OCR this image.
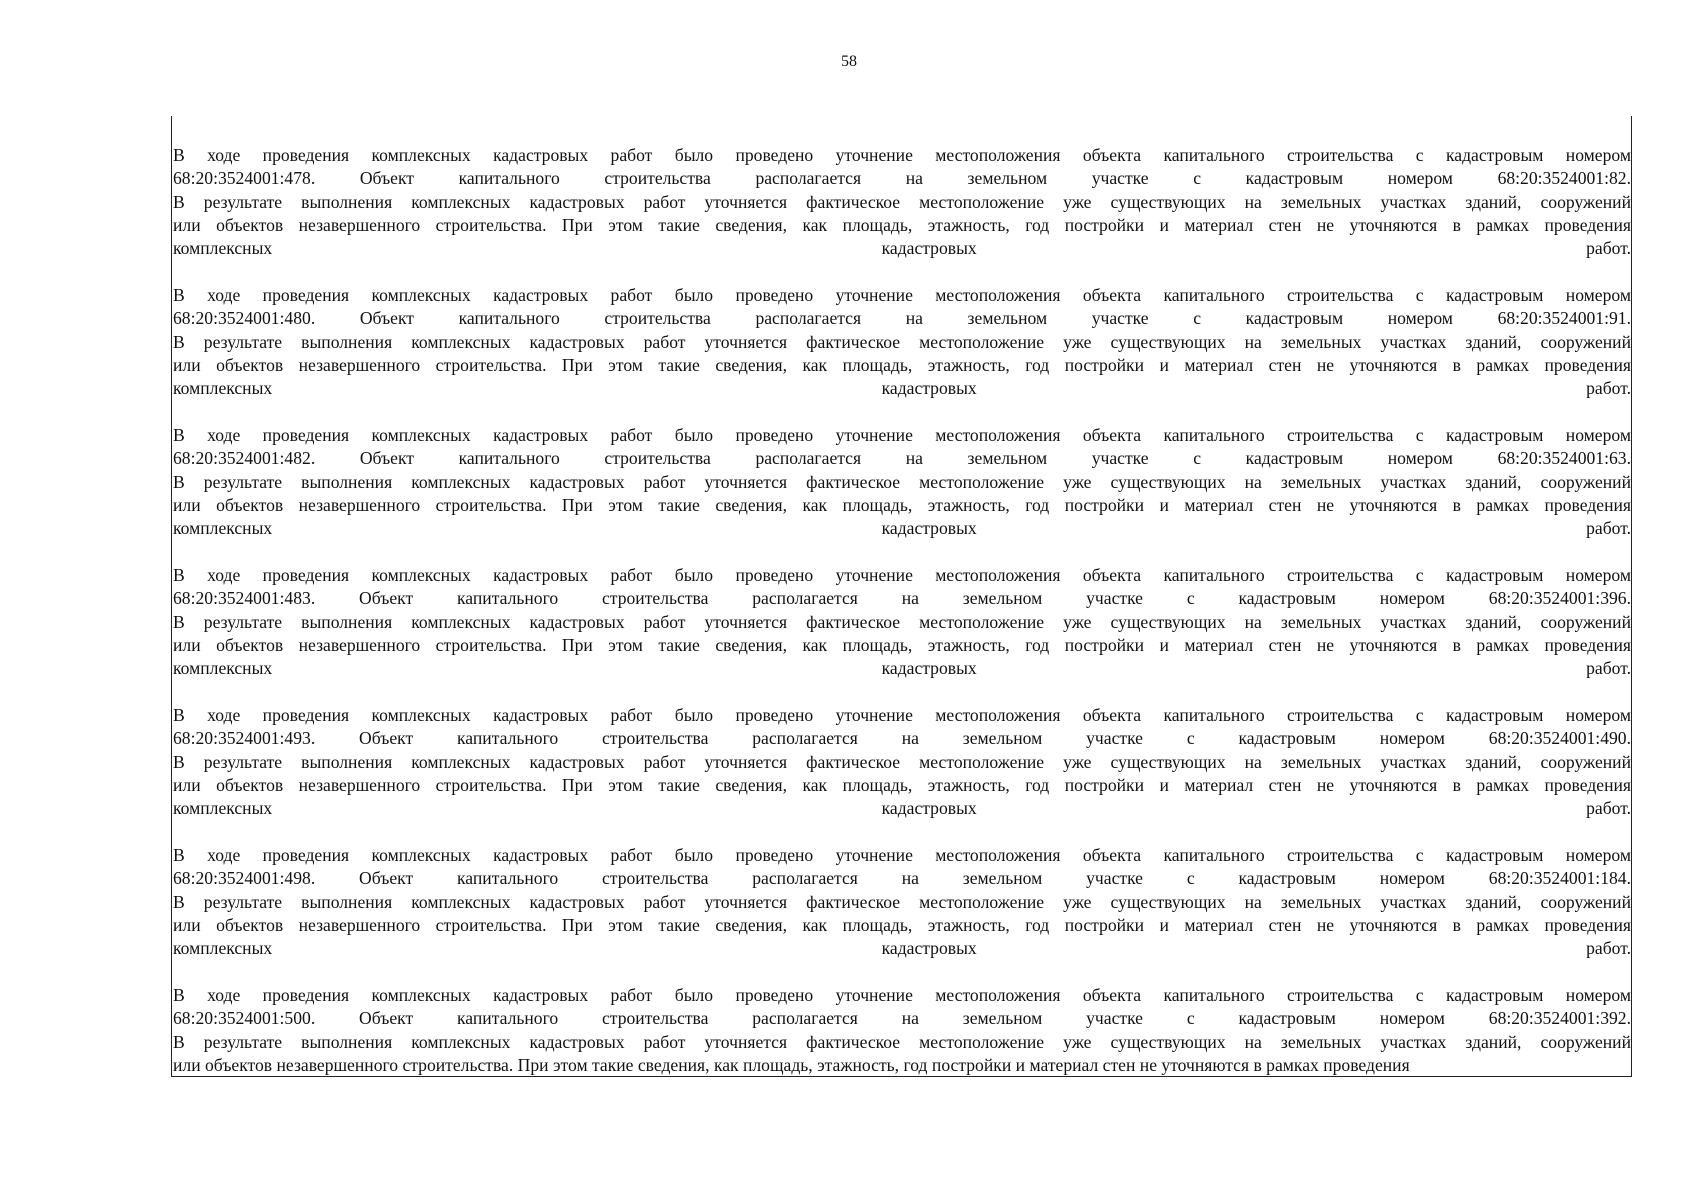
58

В ходе проведения комплексных кадастровых работ было проведено уточнение местоположения объекта капитального строительства с кадастровым номером
68:20:3524001:478. Объект капитального строительства располагается на земельном участке с кадастровым номером 68:20:3524001:82.
В результате выполнения комплексных кадастровых работ уточняется фактическое местоположение уже существующих на земельных участках зданий, сооружений
или объектов незавершенного строительства. При этом такие сведения, как площадь, этажность, год постройки и материал стен не уточняются в рамках проведения
комплексных кадастровых работ.

В ходе проведения комплексных кадастровых работ было проведено уточнение местоположения объекта капитального строительства с кадастровым номером
68:20:3524001:480. Объект капитального строительства располагается на земельном участке с кадастровым номером 68:20:3524001:91.
В результате выполнения комплексных кадастровых работ уточняется фактическое местоположение уже существующих на земельных участках зданий, сооружений
или объектов незавершенного строительства. При этом такие сведения, как площадь, этажность, год постройки и материал стен не уточняются в рамках проведения
комплексных кадастровых работ.

В ходе проведения комплексных кадастровых работ было проведено уточнение местоположения объекта капитального строительства с кадастровым номером
68:20:3524001:482. Объект капитального строительства располагается на земельном участке с кадастровым номером 68:20:3524001:63.
В результате выполнения комплексных кадастровых работ уточняется фактическое местоположение уже существующих на земельных участках зданий, сооружений
или объектов незавершенного строительства. При этом такие сведения, как площадь, этажность, год постройки и материал стен не уточняются в рамках проведения
комплексных кадастровых работ.

В ходе проведения комплексных кадастровых работ было проведено уточнение местоположения объекта капитального строительства с кадастровым номером
68:20:3524001:483. Объект капитального строительства располагается на земельном участке с кадастровым номером 68:20:3524001:396.
В результате выполнения комплексных кадастровых работ уточняется фактическое местоположение уже существующих на земельных участках зданий, сооружений
или объектов незавершенного строительства. При этом такие сведения, как площадь, этажность, год постройки и материал стен не уточняются в рамках проведения
комплексных кадастровых работ.

В ходе проведения комплексных кадастровых работ было проведено уточнение местоположения объекта капитального строительства с кадастровым номером
68:20:3524001:493. Объект капитального строительства располагается на земельном участке с кадастровым номером 68:20:3524001:490.
В результате выполнения комплексных кадастровых работ уточняется фактическое местоположение уже существующих на земельных участках зданий, сооружений
или объектов незавершенного строительства. При этом такие сведения, как площадь, этажность, год постройки и материал стен не уточняются в рамках проведения
комплексных кадастровых работ.

В ходе проведения комплексных кадастровых работ было проведено уточнение местоположения объекта капитального строительства с кадастровым номером
68:20:3524001:498. Объект капитального строительства располагается на земельном участке с кадастровым номером 68:20:3524001:184.
В результате выполнения комплексных кадастровых работ уточняется фактическое местоположение уже существующих на земельных участках зданий, сооружений
или объектов незавершенного строительства. При этом такие сведения, как площадь, этажность, год постройки и материал стен не уточняются в рамках проведения
комплексных кадастровых работ.

В ходе проведения комплексных кадастровых работ было проведено уточнение местоположения объекта капитального строительства с кадастровым номером
68:20:3524001:500. Объект капитального строительства располагается на земельном участке с кадастровым номером 68:20:3524001:392.
В результате выполнения комплексных кадастровых работ уточняется фактическое местоположение уже существующих на земельных участках зданий, сооружений
или объектов незавершенного строительства. При этом такие сведения, как площадь, этажность, год постройки и материал стен не уточняются в рамках проведения
